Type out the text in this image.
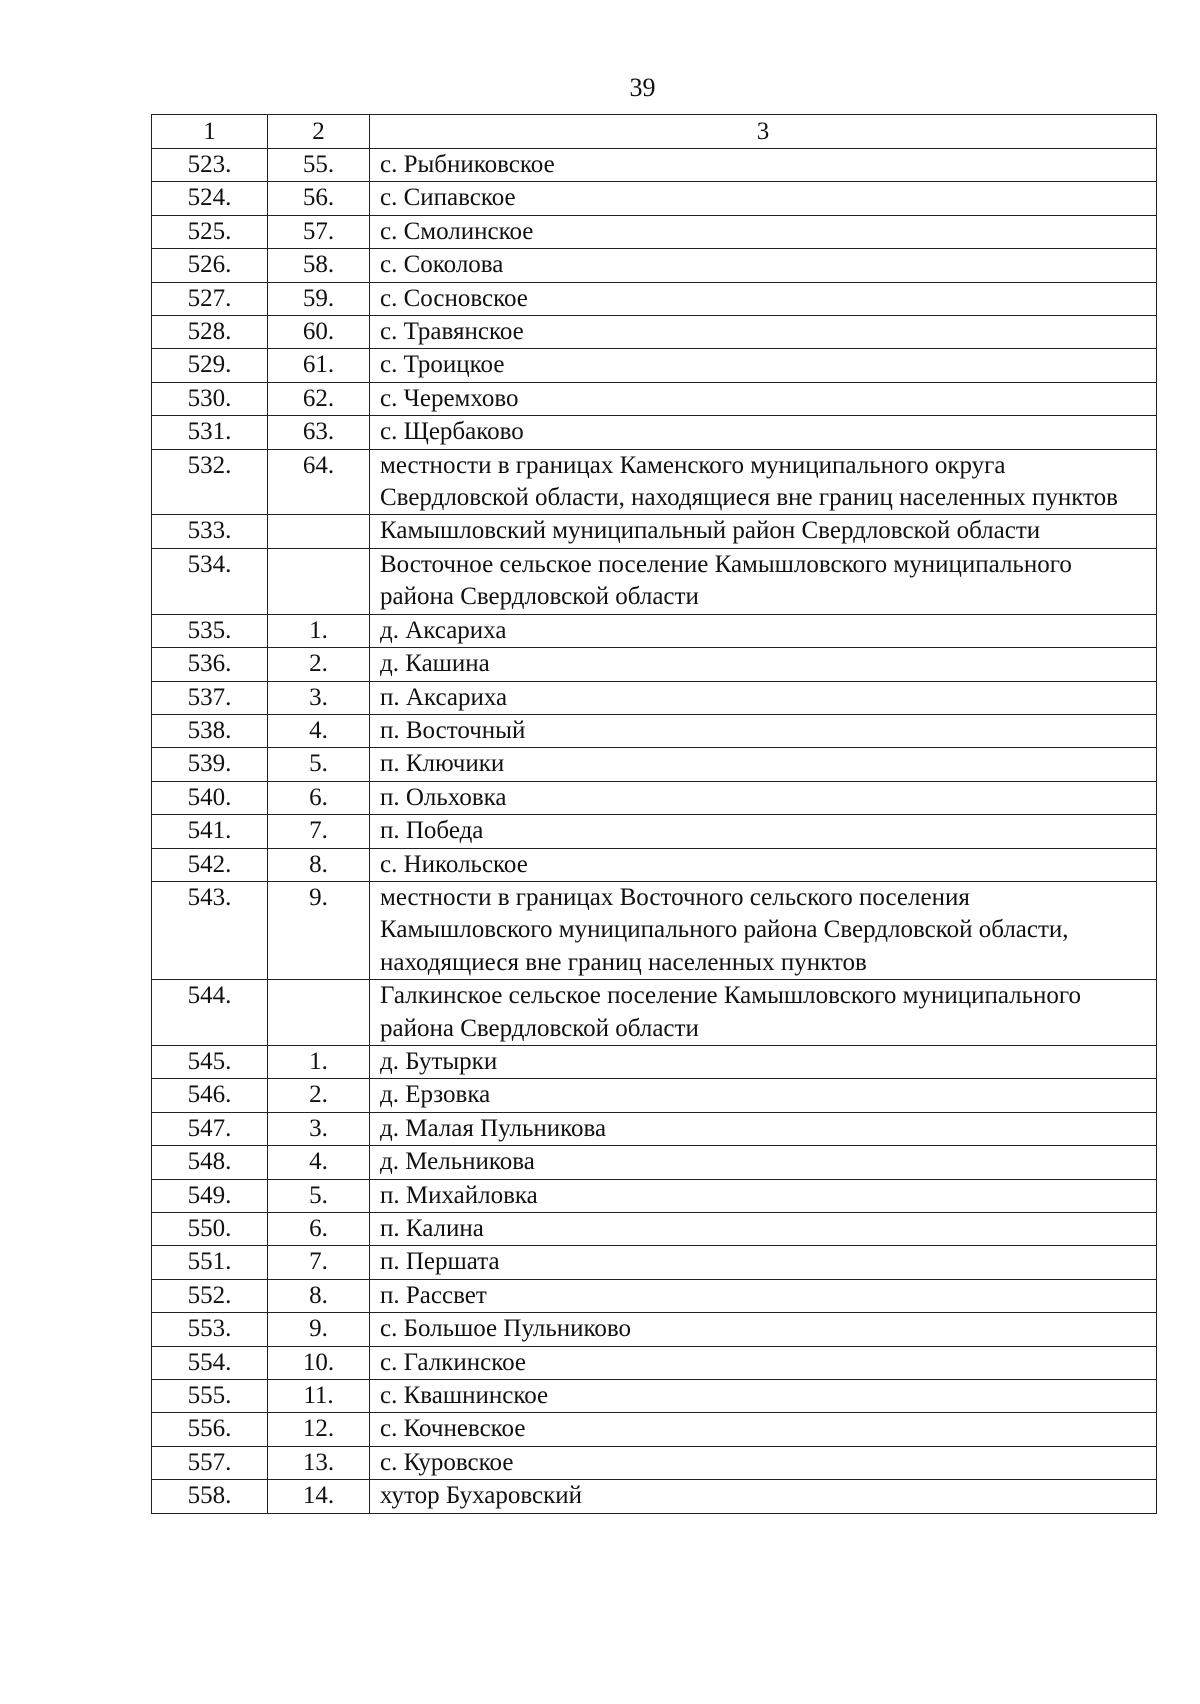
39
1	2	3
523.	55.	с. Рыбниковское
524.	56.	с. Сипавское
525.	57.	с. Смолинское
526.	58.	с. Соколова
527.	59.	с. Сосновское
528.	60.	с. Травянское
529.	61.	с. Троицкое
530.	62.	с. Черемхово
531.	63.	с. Щербаково
532.	64.	местности в границах Каменского муниципального округа Свердловской области, находящиеся вне границ населенных пунктов
533.		Камышловский муниципальный район Свердловской области
534.		Восточное сельское поселение Камышловского муниципального района Свердловской области
535.	1.	д. Аксариха
536.	2.	д. Кашина
537.	3.	п. Аксариха
538.	4.	п. Восточный
539.	5.	п. Ключики
540.	6.	п. Ольховка
541.	7.	п. Победа
542.	8.	с. Никольское
543.	9.	местности в границах Восточного сельского поселения Камышловского муниципального района Свердловской области, находящиеся вне границ населенных пунктов
544.		Галкинское сельское поселение Камышловского муниципального района Свердловской области
545.	1.	д. Бутырки
546.	2.	д. Ерзовка
547.	3.	д. Малая Пульникова
548.	4.	д. Мельникова
549.	5.	п. Михайловка
550.	6.	п. Калина
551.	7.	п. Першата
552.	8.	п. Рассвет
553.	9.	с. Большое Пульниково
554.	10.	с. Галкинское
555.	11.	с. Квашнинское
556.	12.	с. Кочневское
557.	13.	с. Куровское
558.	14.	хутор Бухаровский
